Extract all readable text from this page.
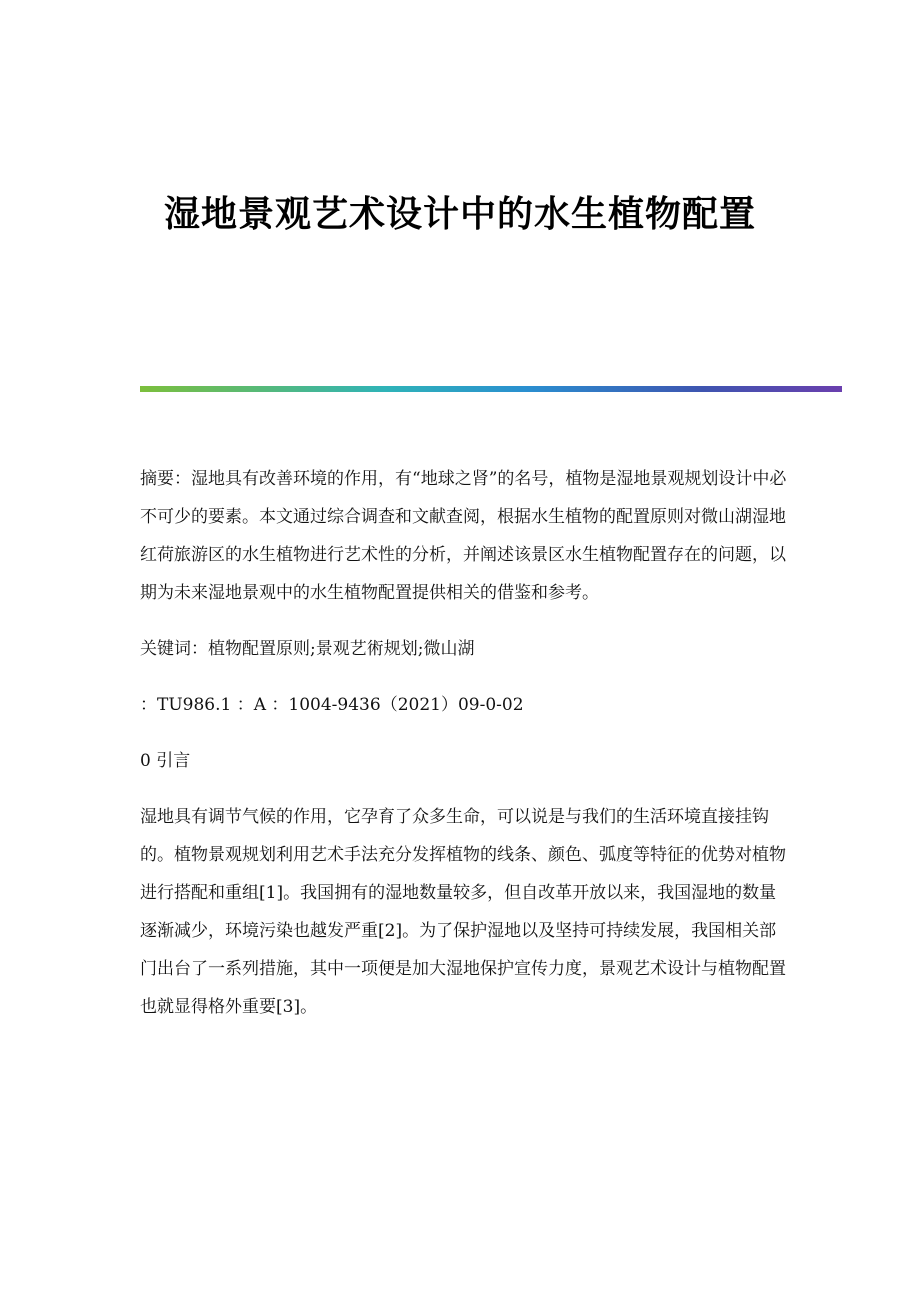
湿地景观艺术设计中的水生植物配置

摘要：湿地具有改善环境的作用，有“地球之肾”的名号，植物是湿地景观规划设计中必不可少的要素。本文通过综合调查和文献查阅，根据水生植物的配置原则对微山湖湿地红荷旅游区的水生植物进行艺术性的分析，并阐述该景区水生植物配置存在的问题，以期为未来湿地景观中的水生植物配置提供相关的借鉴和参考。

关键词：植物配置原则;景观艺術规划;微山湖

：TU986.1 ：A ：1004-9436（2021）09-0-02

0 引言

湿地具有调节气候的作用，它孕育了众多生命，可以说是与我们的生活环境直接挂钩的。植物景观规划利用艺术手法充分发挥植物的线条、颜色、弧度等特征的优势对植物进行搭配和重组[1]。我国拥有的湿地数量较多，但自改革开放以来，我国湿地的数量逐渐减少，环境污染也越发严重[2]。为了保护湿地以及坚持可持续发展，我国相关部门出台了一系列措施，其中一项便是加大湿地保护宣传力度，景观艺术设计与植物配置也就显得格外重要[3]。
